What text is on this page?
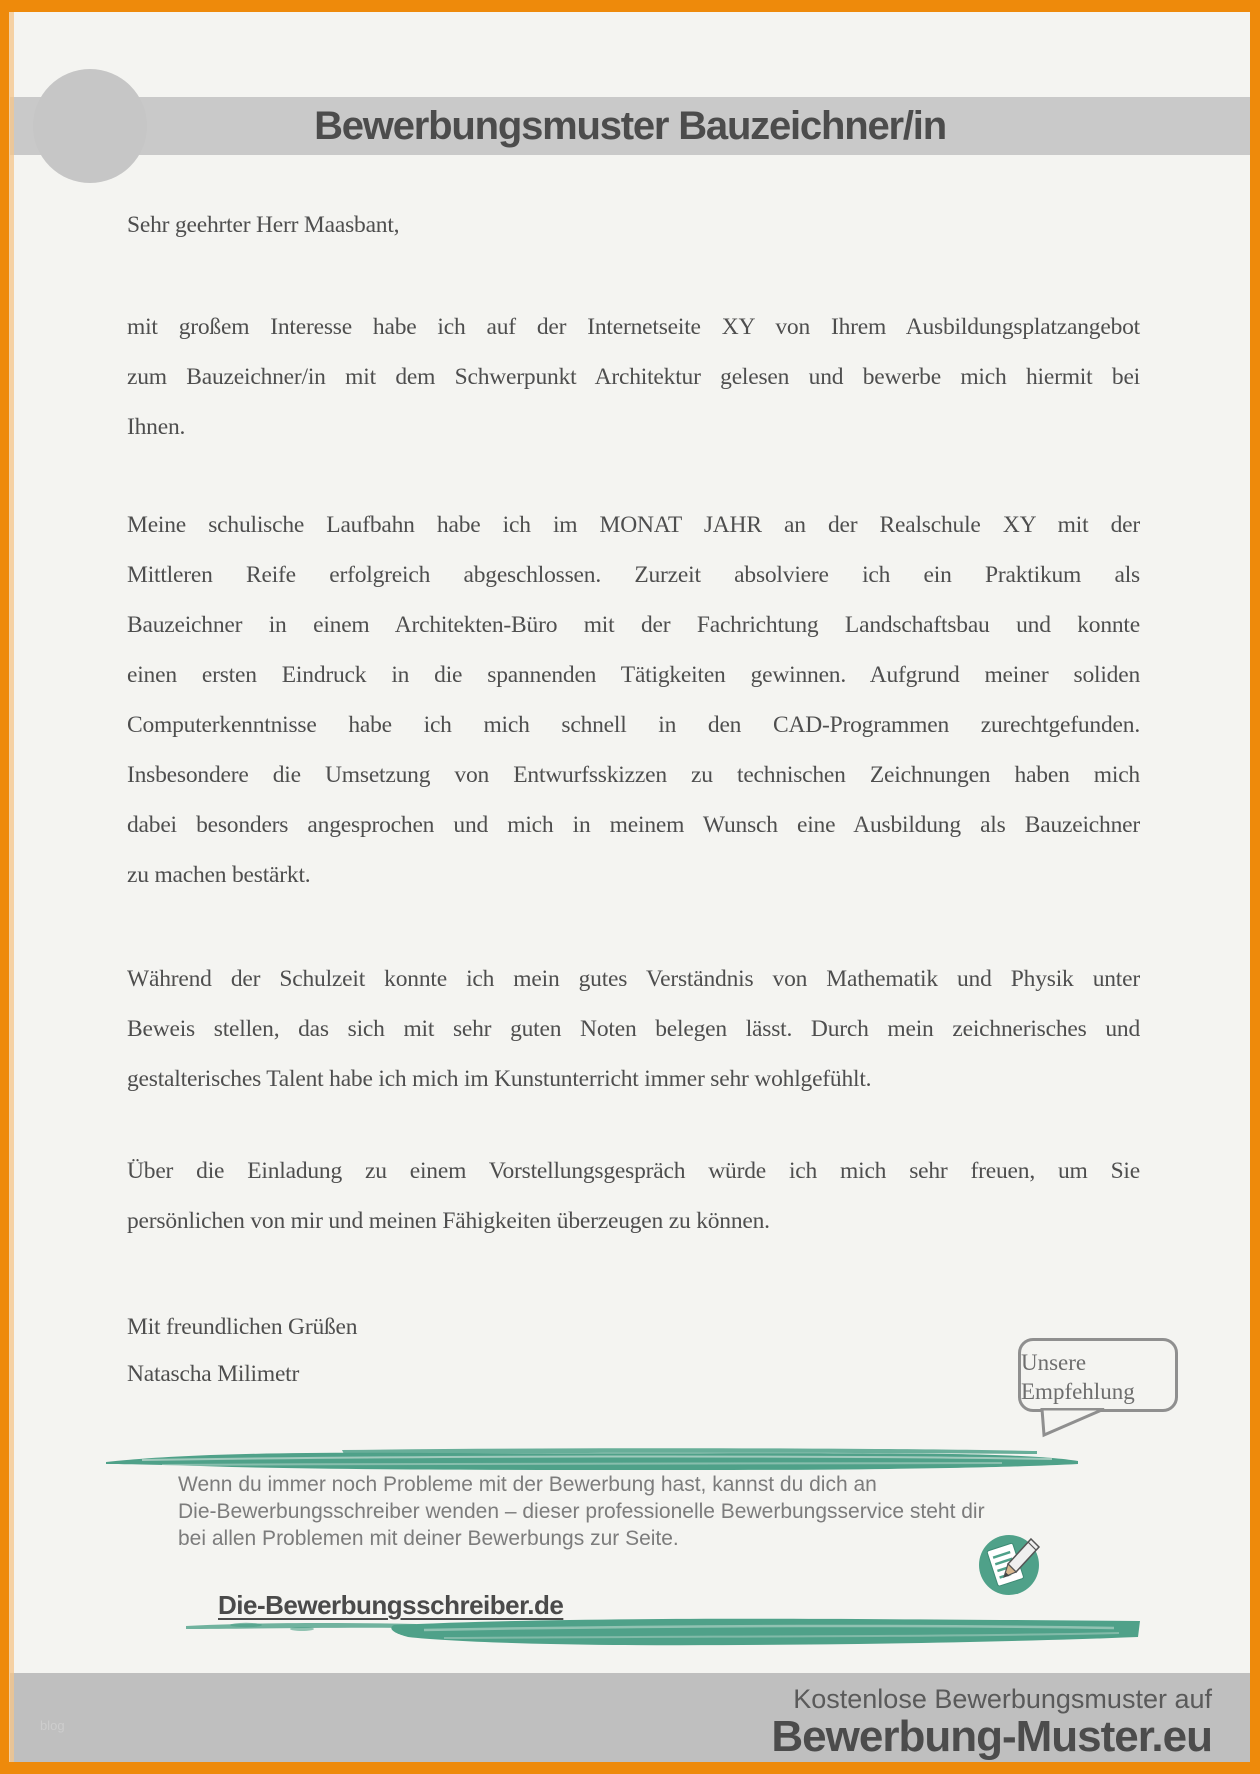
Bewerbungsmuster Bauzeichner/in
Sehr geehrter Herr Maasbant,
mit großem Interesse habe ich auf der Internetseite XY von Ihrem Ausbildungsplatzangebot
zum Bauzeichner/in mit dem Schwerpunkt Architektur gelesen und bewerbe mich hiermit bei
Ihnen.
Meine schulische Laufbahn habe ich im MONAT JAHR an der Realschule XY mit der
Mittleren Reife erfolgreich abgeschlossen. Zurzeit absolviere ich ein Praktikum als
Bauzeichner in einem Architekten-Büro mit der Fachrichtung Landschaftsbau und konnte
einen ersten Eindruck in die spannenden Tätigkeiten gewinnen. Aufgrund meiner soliden
Computerkenntnisse habe ich mich schnell in den CAD-Programmen zurechtgefunden.
Insbesondere die Umsetzung von Entwurfsskizzen zu technischen Zeichnungen haben mich
dabei besonders angesprochen und mich in meinem Wunsch eine Ausbildung als Bauzeichner
zu machen bestärkt.
Während der Schulzeit konnte ich mein gutes Verständnis von Mathematik und Physik unter
Beweis stellen, das sich mit sehr guten Noten belegen lässt. Durch mein zeichnerisches und
gestalterisches Talent habe ich mich im Kunstunterricht immer sehr wohlgefühlt.
Über die Einladung zu einem Vorstellungsgespräch würde ich mich sehr freuen, um Sie
persönlichen von mir und meinen Fähigkeiten überzeugen zu können.
Mit freundlichen Grüßen
Natascha Milimetr	Unsere
Empfehlung
Wenn du immer noch Probleme mit der Bewerbung hast, kannst du dich an
Die-Bewerbungsschreiber wenden – dieser professionelle Bewerbungsservice steht dir
bei allen Problemen mit deiner Bewerbungs zur Seite.
Die-Bewerbungsschreiber.de
blog
Kostenlose Bewerbungsmuster auf
Bewerbung-Muster.eu
